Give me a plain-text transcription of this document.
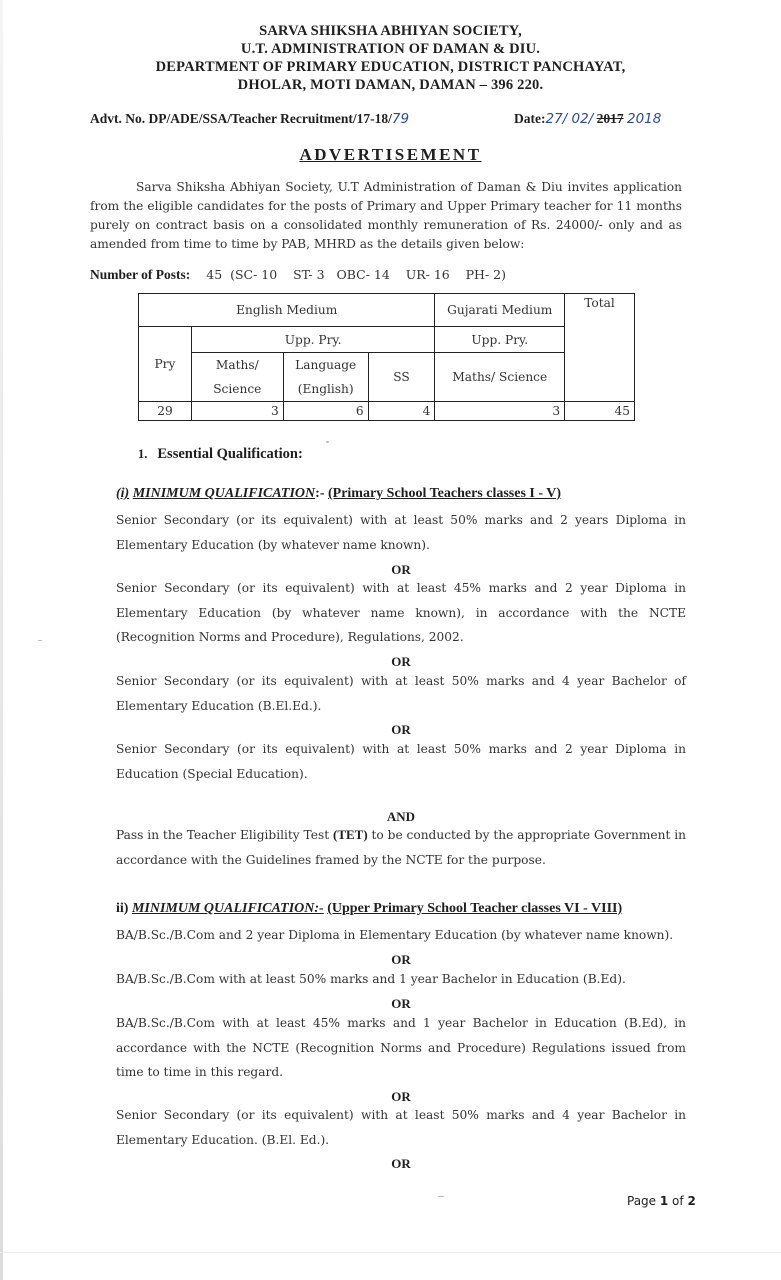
SARVA SHIKSHA ABHIYAN SOCIETY,
U.T. ADMINISTRATION OF DAMAN & DIU.
DEPARTMENT OF PRIMARY EDUCATION, DISTRICT PANCHAYAT,
DHOLAR, MOTI DAMAN, DAMAN – 396 220.
Advt. No. DP/ADE/SSA/Teacher Recruitment/17-18/79	Date:27/ 02/ 2017 2018
ADVERTISEMENT
Sarva Shiksha Abhiyan Society, U.T Administration of Daman & Diu invites application from the eligible candidates for the posts of Primary and Upper Primary teacher for 11 months purely on contract basis on a consolidated monthly remuneration of Rs. 24000/- only and as amended from time to time by PAB, MHRD as the details given below:
Number of Posts: 45  (SC- 10    ST- 3   OBC- 14    UR- 16    PH- 2)
English Medium				Gujarati Medium	Total
Pry	Upp. Pry.			Upp. Pry.	
	Maths/ Science	Language (English)	SS	Maths/ Science	
29	3	6	4	3	45
1. Essential Qualification:
(i) MINIMUM QUALIFICATION:- (Primary School Teachers classes I - V)
Senior Secondary (or its equivalent) with at least 50% marks and 2 years Diploma in Elementary Education (by whatever name known).
OR
Senior Secondary (or its equivalent) with at least 45% marks and 2 year Diploma in Elementary Education (by whatever name known), in accordance with the NCTE (Recognition Norms and Procedure), Regulations, 2002.
OR
Senior Secondary (or its equivalent) with at least 50% marks and 4 year Bachelor of Elementary Education (B.El.Ed.).
OR
Senior Secondary (or its equivalent) with at least 50% marks and 2 year Diploma in Education (Special Education).
AND
Pass in the Teacher Eligibility Test (TET) to be conducted by the appropriate Government in accordance with the Guidelines framed by the NCTE for the purpose.
ii) MINIMUM QUALIFICATION:- (Upper Primary School Teacher classes VI - VIII)
BA/B.Sc./B.Com and 2 year Diploma in Elementary Education (by whatever name known).
OR
BA/B.Sc./B.Com with at least 50% marks and 1 year Bachelor in Education (B.Ed).
OR
BA/B.Sc./B.Com with at least 45% marks and 1 year Bachelor in Education (B.Ed), in accordance with the NCTE (Recognition Norms and Procedure) Regulations issued from time to time in this regard.
OR
Senior Secondary (or its equivalent) with at least 50% marks and 4 year Bachelor in Elementary Education. (B.El. Ed.).
OR
Page 1 of 2
